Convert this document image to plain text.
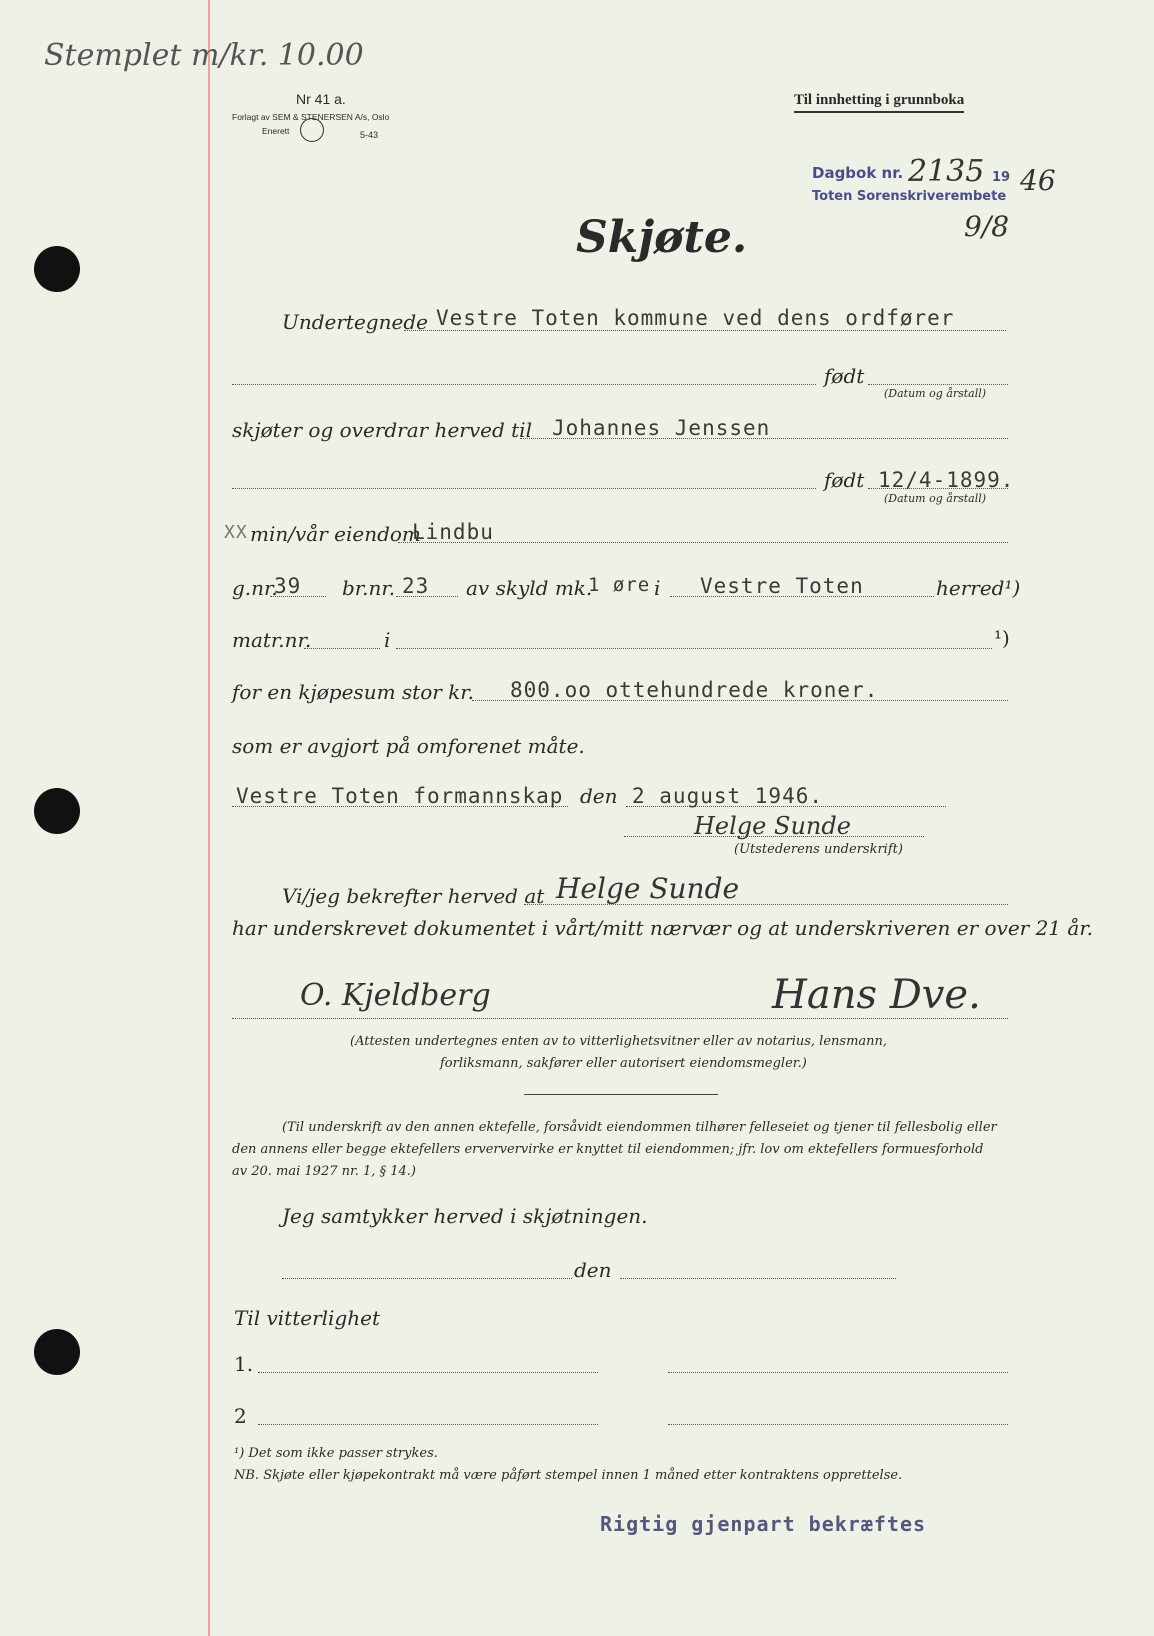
Stemplet m/kr. 10.00
Nr 41 a.
Forlagt av SEM & STENERSEN A/s, Oslo
Enerett	5-43
Til innhetting i grunnboka
Dagbok nr. 2135 19 46
Toten Sorenskriverembete
9/8
Skjøte.
Undertegnede Vestre Toten kommune ved dens ordfører
født
(Datum og årstall)
skjøter og overdrar herved til Johannes Jenssen
født 12/4-1899.
(Datum og årstall)
XX min/vår eiendom
Lindbu
g.nr.
39 br.nr. 23 av skyld mk.
1 øre i Vestre Toten	herred¹)
matr.nr.	i	¹)
for en kjøpesum stor kr. 800.oo ottehundrede kroner.
som er avgjort på omforenet måte.
Vestre Toten formannskap den 2 august 1946.
Helge Sunde
(Utstederens underskrift)
Vi/jeg bekrefter herved at Helge Sunde
har underskrevet dokumentet i vårt/mitt nærvær og at underskriveren er over 21 år.
O. Kjeldberg	Hans Dve.
(Attesten undertegnes enten av to vitterlighetsvitner eller av notarius, lensmann,
forliksmann, sakfører eller autorisert eiendomsmegler.)
(Til underskrift av den annen ektefelle, forsåvidt eiendommen tilhører felleseiet og tjener til fellesbolig eller
den annens eller begge ektefellers erververvirke er knyttet til eiendommen; jfr. lov om ektefellers formuesforhold
av 20. mai 1927 nr. 1, § 14.)
Jeg samtykker herved i skjøtningen.
den
Til vitterlighet
1.
2
¹) Det som ikke passer strykes.
NB. Skjøte eller kjøpekontrakt må være påført stempel innen 1 måned etter kontraktens opprettelse.
Rigtig gjenpart bekræftes
